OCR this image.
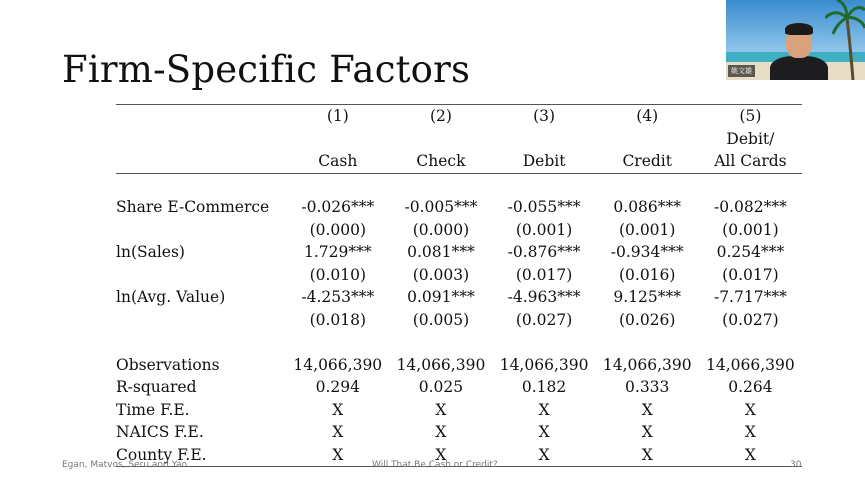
Firm-Specific Factors	姚文雄
	(1)	(2)	(3)	(4)	(5)
					Debit/
	Cash	Check	Debit	Credit	All Cards

Share E-Commerce	-0.026***	-0.005***	-0.055***	0.086***	-0.082***
	(0.000)	(0.000)	(0.001)	(0.001)	(0.001)
ln(Sales)	1.729***	0.081***	-0.876***	-0.934***	0.254***
	(0.010)	(0.003)	(0.017)	(0.016)	(0.017)
ln(Avg. Value)	-4.253***	0.091***	-4.963***	9.125***	-7.717***
	(0.018)	(0.005)	(0.027)	(0.026)	(0.027)

Observations	14,066,390	14,066,390	14,066,390	14,066,390	14,066,390
R-squared	0.294	0.025	0.182	0.333	0.264
Time F.E.	X	X	X	X	X
NAICS F.E.	X	X	X	X	X
County F.E.	X	X	X	X	X
Egan, Matvos, Seru and Yao	Will That Be Cash or Credit?	30
